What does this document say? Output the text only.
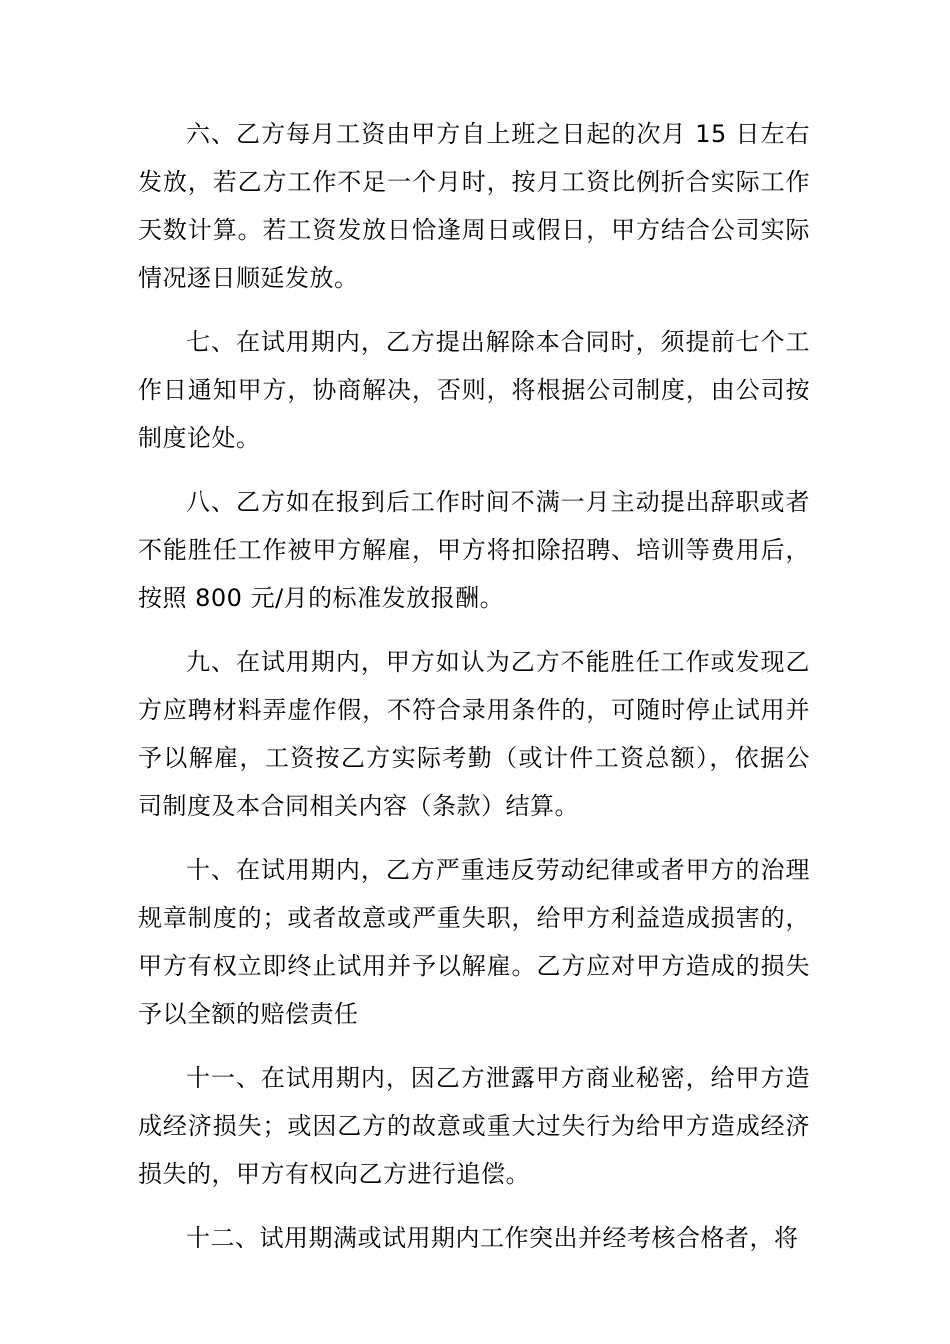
六、乙方每月工资由甲方自上班之日起的次月 15 日左右发放，若乙方工作不足一个月时，按月工资比例折合实际工作天数计算。若工资发放日恰逢周日或假日，甲方结合公司实际情况逐日顺延发放。

七、在试用期内，乙方提出解除本合同时，须提前七个工作日通知甲方，协商解决，否则，将根据公司制度，由公司按制度论处。

八、乙方如在报到后工作时间不满一月主动提出辞职或者不能胜任工作被甲方解雇，甲方将扣除招聘、培训等费用后，按照 800 元/月的标准发放报酬。

九、在试用期内，甲方如认为乙方不能胜任工作或发现乙方应聘材料弄虚作假，不符合录用条件的，可随时停止试用并予以解雇，工资按乙方实际考勤（或计件工资总额），依据公司制度及本合同相关内容（条款）结算。

十、在试用期内，乙方严重违反劳动纪律或者甲方的治理规章制度的；或者故意或严重失职，给甲方利益造成损害的，甲方有权立即终止试用并予以解雇。乙方应对甲方造成的损失予以全额的赔偿责任

十一、在试用期内，因乙方泄露甲方商业秘密，给甲方造成经济损失；或因乙方的故意或重大过失行为给甲方造成经济损失的，甲方有权向乙方进行追偿。

十二、试用期满或试用期内工作突出并经考核合格者，将
